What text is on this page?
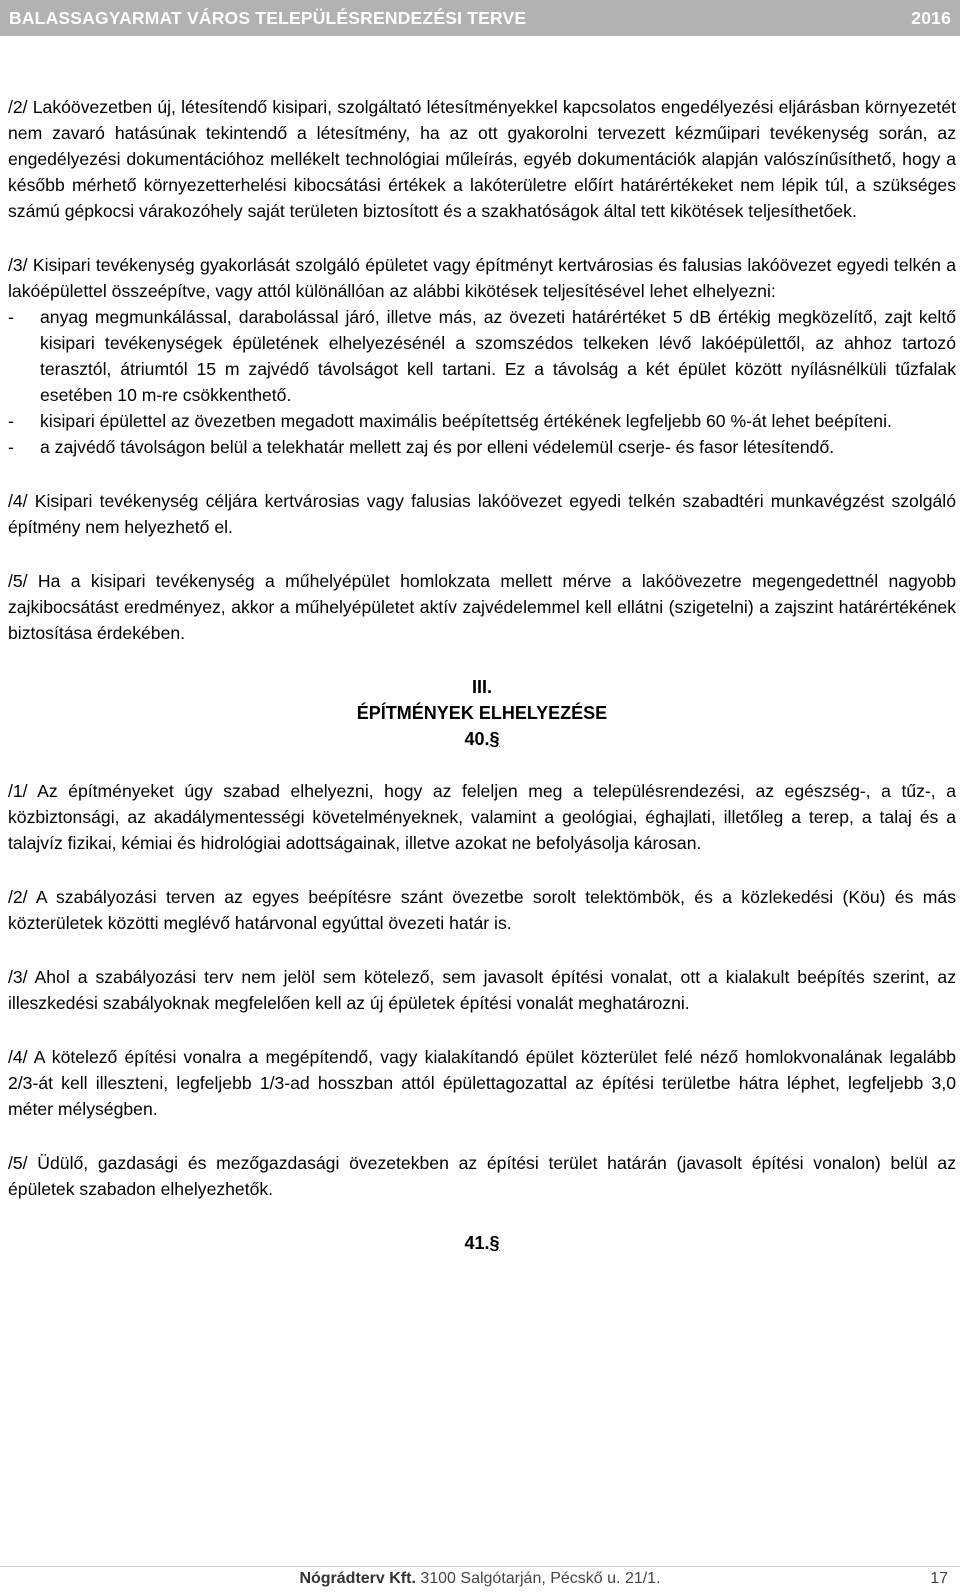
BALASSAGYARMAT VÁROS TELEPÜLÉSRENDEZÉSI TERVE	2016

/2/ Lakóövezetben új, létesítendő kisipari, szolgáltató létesítményekkel kapcsolatos engedélyezési eljárásban környezetét nem zavaró hatásúnak tekintendő a létesítmény, ha az ott gyakorolni tervezett kézműipari tevékenység során, az engedélyezési dokumentációhoz mellékelt technológiai műleírás, egyéb dokumentációk alapján valószínűsíthető, hogy a később mérhető környezetterhelési kibocsátási értékek a lakóterületre előírt határértékeket nem lépik túl, a szükséges számú gépkocsi várakozóhely saját területen biztosított és a szakhatóságok által tett kikötések teljesíthetőek.

/3/ Kisipari tevékenység gyakorlását szolgáló épületet vagy építményt kertvárosias és falusias lakóövezet egyedi telkén a lakóépülettel összeépítve, vagy attól különállóan az alábbi kikötések teljesítésével lehet elhelyezni:

- anyag megmunkálással, darabolással járó, illetve más, az övezeti határértéket 5 dB értékig megközelítő, zajt keltő kisipari tevékenységek épületének elhelyezésénél a szomszédos telkeken lévő lakóépülettől, az ahhoz tartozó terasztól, átriumtól 15 m zajvédő távolságot kell tartani. Ez a távolság a két épület között nyílásnélküli tűzfalak esetében 10 m-re csökkenthető.
- kisipari épülettel az övezetben megadott maximális beépítettség értékének legfeljebb 60 %-át lehet beépíteni.
- a zajvédő távolságon belül a telekhatár mellett zaj és por elleni védelemül cserje- és fasor létesítendő.

/4/ Kisipari tevékenység céljára kertvárosias vagy falusias lakóövezet egyedi telkén szabadtéri munkavégzést szolgáló építmény nem helyezhető el.

/5/ Ha a kisipari tevékenység a műhelyépület homlokzata mellett mérve a lakóövezetre megengedettnél nagyobb zajkibocsátást eredményez, akkor a műhelyépületet aktív zajvédelemmel kell ellátni (szigetelni) a zajszint határértékének biztosítása érdekében.

III.
ÉPÍTMÉNYEK ELHELYEZÉSE
40.§

/1/ Az építményeket úgy szabad elhelyezni, hogy az feleljen meg a településrendezési, az egészség-, a tűz-, a közbiztonsági, az akadálymentességi követelményeknek, valamint a geológiai, éghajlati, illetőleg a terep, a talaj és a talajvíz fizikai, kémiai és hidrológiai adottságainak, illetve azokat ne befolyásolja károsan.

/2/ A szabályozási terven az egyes beépítésre szánt övezetbe sorolt telektömbök, és a közlekedési (Köu) és más közterületek közötti meglévő határvonal egyúttal övezeti határ is.

/3/ Ahol a szabályozási terv nem jelöl sem kötelező, sem javasolt építési vonalat, ott a kialakult beépítés szerint, az illeszkedési szabályoknak megfelelően kell az új épületek építési vonalát meghatározni.

/4/ A kötelező építési vonalra a megépítendő, vagy kialakítandó épület közterület felé néző homlokvonalának legalább 2/3-át kell illeszteni, legfeljebb 1/3-ad hosszban attól épülettagozattal az építési területbe hátra léphet, legfeljebb 3,0 méter mélységben.

/5/ Üdülő, gazdasági és mezőgazdasági övezetekben az építési terület határán (javasolt építési vonalon) belül az épületek szabadon elhelyezhetők.

41.§
Nógrádterv Kft. 3100 Salgótarján, Pécskő u. 21/1.	17
